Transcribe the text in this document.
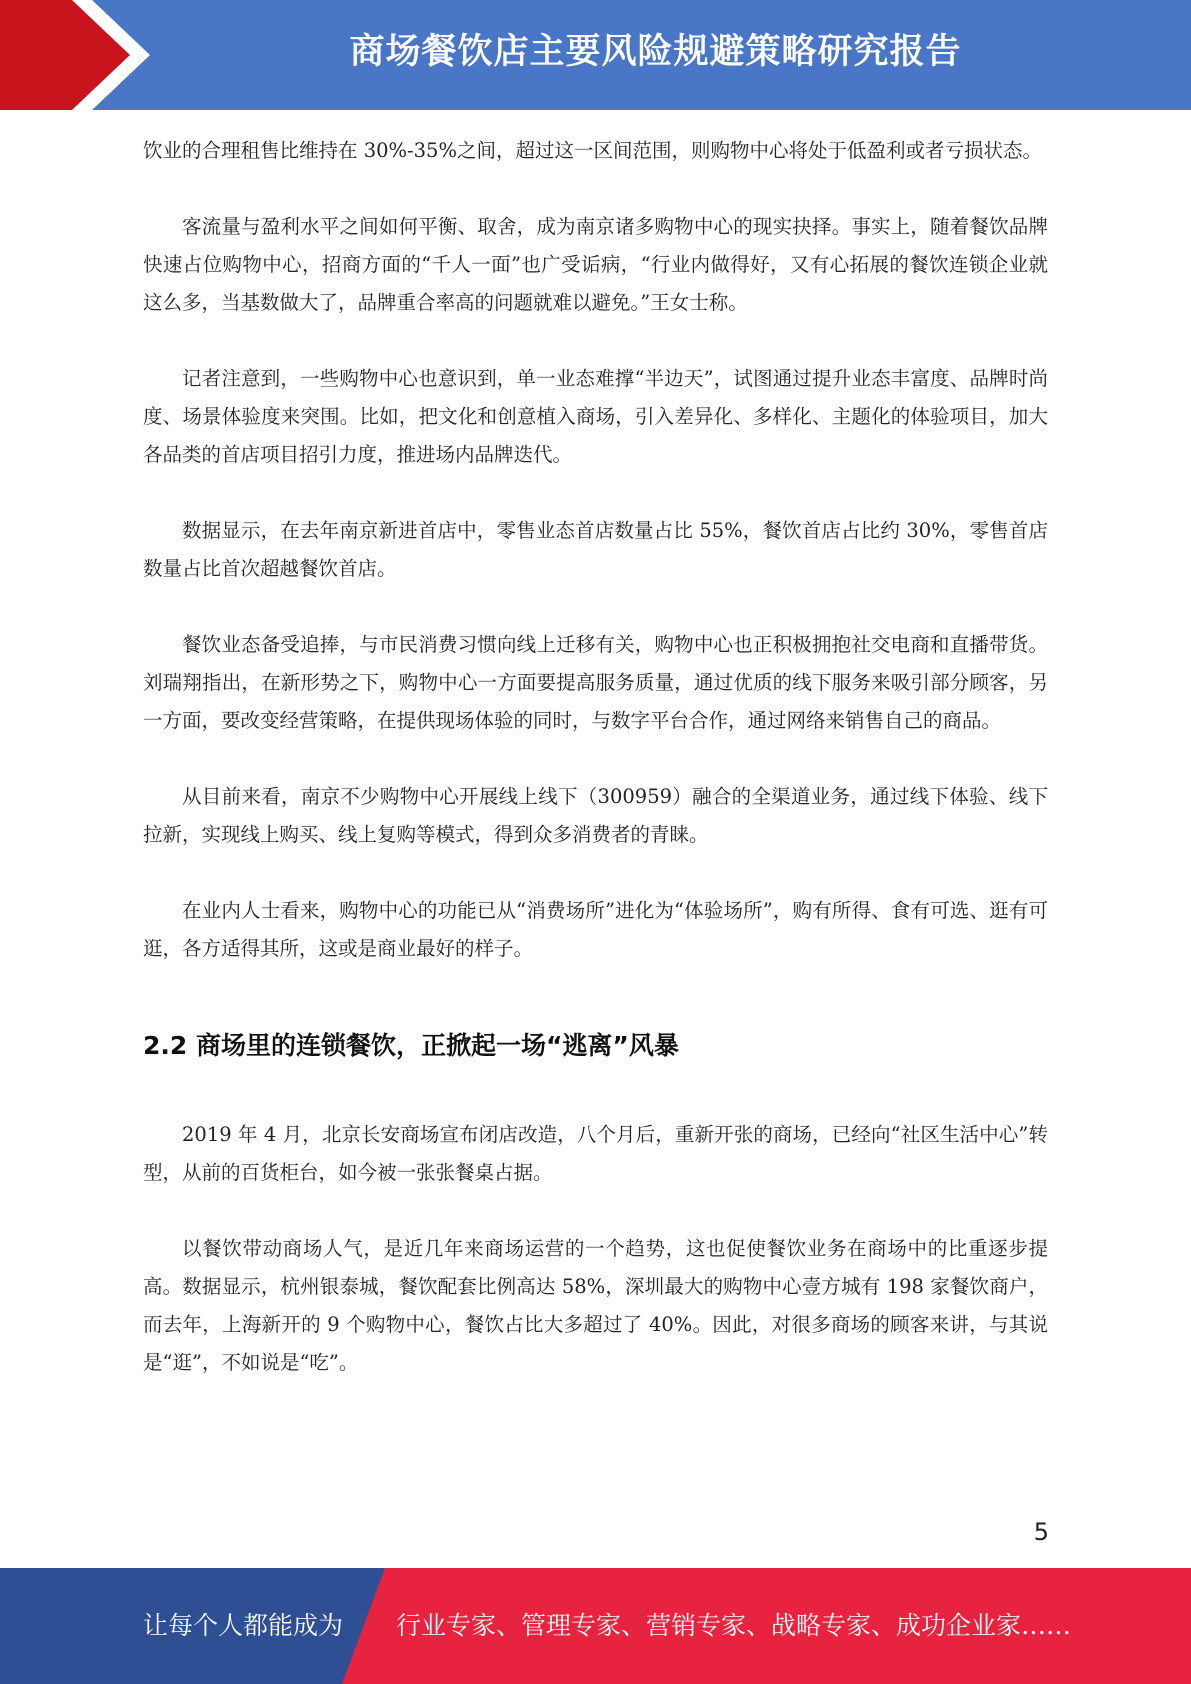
商场餐饮店主要风险规避策略研究报告

饮业的合理租售比维持在 30%-35%之间，超过这一区间范围，则购物中心将处于低盈利或者亏损状态。

客流量与盈利水平之间如何平衡、取舍，成为南京诸多购物中心的现实抉择。事实上，随着餐饮品牌快速占位购物中心，招商方面的“千人一面”也广受诟病，“行业内做得好，又有心拓展的餐饮连锁企业就这么多，当基数做大了，品牌重合率高的问题就难以避免。”王女士称。

记者注意到，一些购物中心也意识到，单一业态难撑“半边天”，试图通过提升业态丰富度、品牌时尚度、场景体验度来突围。比如，把文化和创意植入商场，引入差异化、多样化、主题化的体验项目，加大各品类的首店项目招引力度，推进场内品牌迭代。

数据显示，在去年南京新进首店中，零售业态首店数量占比 55%，餐饮首店占比约 30%，零售首店数量占比首次超越餐饮首店。

餐饮业态备受追捧，与市民消费习惯向线上迁移有关，购物中心也正积极拥抱社交电商和直播带货。刘瑞翔指出，在新形势之下，购物中心一方面要提高服务质量，通过优质的线下服务来吸引部分顾客，另一方面，要改变经营策略，在提供现场体验的同时，与数字平台合作，通过网络来销售自己的商品。

从目前来看，南京不少购物中心开展线上线下（300959）融合的全渠道业务，通过线下体验、线下拉新，实现线上购买、线上复购等模式，得到众多消费者的青睐。

在业内人士看来，购物中心的功能已从“消费场所”进化为“体验场所”，购有所得、食有可选、逛有可逛，各方适得其所，这或是商业最好的样子。

2.2 商场里的连锁餐饮，正掀起一场“逃离”风暴

2019 年 4 月，北京长安商场宣布闭店改造，八个月后，重新开张的商场，已经向“社区生活中心”转型，从前的百货柜台，如今被一张张餐桌占据。

以餐饮带动商场人气，是近几年来商场运营的一个趋势，这也促使餐饮业务在商场中的比重逐步提高。数据显示，杭州银泰城，餐饮配套比例高达 58%，深圳最大的购物中心壹方城有 198 家餐饮商户，而去年，上海新开的 9 个购物中心，餐饮占比大多超过了 40%。因此，对很多商场的顾客来讲，与其说是“逛”，不如说是“吃”。

5
让每个人都能成为 行业专家、管理专家、营销专家、战略专家、成功企业家……
